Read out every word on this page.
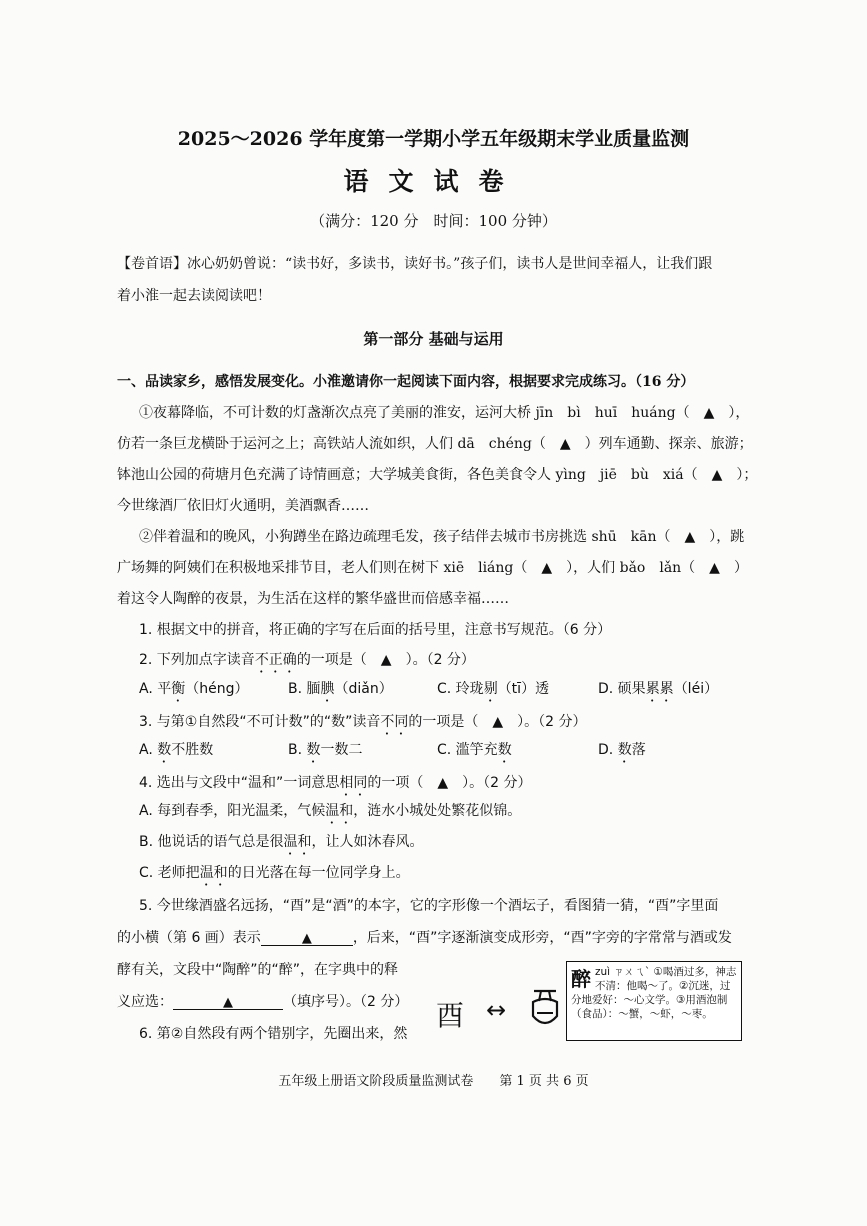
2025～2026 学年度第一学期小学五年级期末学业质量监测
语文试卷
（满分：120 分　时间：100 分钟）
【卷首语】冰心奶奶曾说：“读书好，多读书，读好书。”孩子们，读书人是世间幸福人，让我们跟
着小淮一起去读阅读吧！
第一部分 基础与运用
一、品读家乡，感悟发展变化。小淮邀请你一起阅读下面内容，根据要求完成练习。（16 分）
①夜幕降临，不可计数的灯盏渐次点亮了美丽的淮安，运河大桥 jīn　bì　huī　huáng（　▲　），
仿若一条巨龙横卧于运河之上；高铁站人流如织，人们 dā　chéng（　▲　）列车通勤、探亲、旅游；
钵池山公园的荷塘月色充满了诗情画意；大学城美食街，各色美食令人 yìng　jiē　bù　xiá（　▲　）；
今世缘酒厂依旧灯火通明，美酒飘香……
②伴着温和的晚风，小狗蹲坐在路边疏理毛发，孩子结伴去城市书房挑选 shū　kān（　▲　），跳
广场舞的阿姨们在积极地采排节目，老人们则在树下 xiē　liáng（　▲　），人们 bǎo　lǎn（　▲　）
着这令人陶醉的夜景，为生活在这样的繁华盛世而倍感幸福……
1. 根据文中的拼音，将正确的字写在后面的括号里，注意书写规范。（6 分）
2. 下列加点字读音不正确的一项是（　▲　）。（2 分）
A. 平衡（héng）	B. 腼腆（diǎn）	C. 玲珑剔（tī）透	D. 硕果累累（léi）
3. 与第①自然段“不可计数”的“数”读音不同的一项是（　▲　）。（2 分）
A. 数不胜数	B. 数一数二	C. 滥竽充数	D. 数落
4. 选出与文段中“温和”一词意思相同的一项（　▲　）。（2 分）
A. 每到春季，阳光温柔，气候温和，涟水小城处处繁花似锦。
B. 他说话的语气总是很温和，让人如沐春风。
C. 老师把温和的日光落在每一位同学身上。
5. 今世缘酒盛名远扬，“酉”是“酒”的本字，它的字形像一个酒坛子，看图猜一猜，“酉”字里面
的小横（第 6 画）表示	▲	，后来，“酉”字逐渐演变成形旁，“酉”字旁的字常常与酒或发
酵有关，文段中“陶醉”的“醉”，在字典中的释
义应选：	▲	（填序号）。（2 分）
6. 第②自然段有两个错别字，先圈出来，然
酉 ↔
醉 zuì ㄗㄨㄟˋ ①喝酒过多，神志不清：他喝～了。②沉迷，过分地爱好：～心文学。③用酒泡制（食品）：～蟹，～虾，～枣。
五年级上册语文阶段质量监测试卷　　第 1 页 共 6 页
